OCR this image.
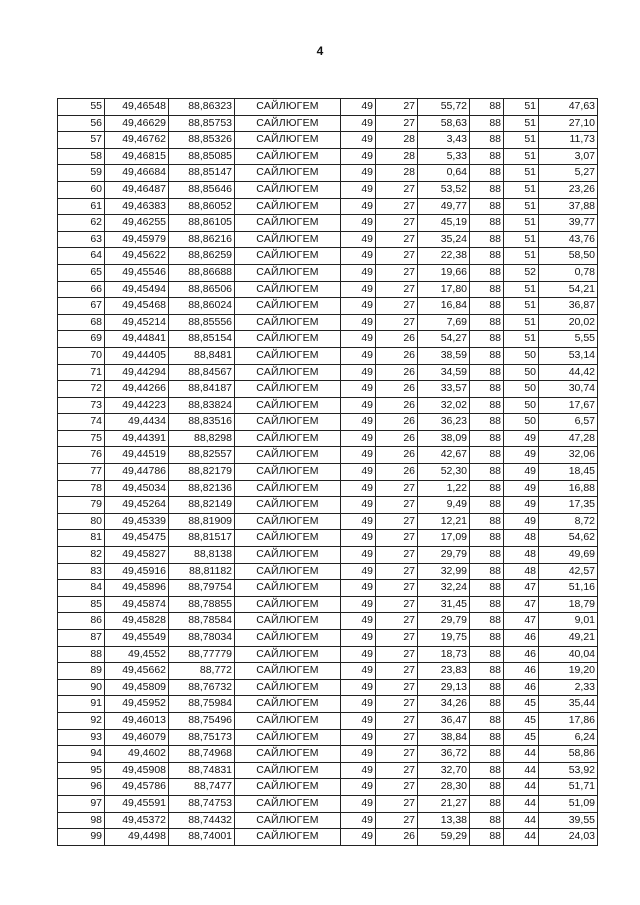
4
55	49,46548	88,86323	САЙЛЮГЕМ	49	27	55,72	88	51	47,63
56	49,46629	88,85753	САЙЛЮГЕМ	49	27	58,63	88	51	27,10
57	49,46762	88,85326	САЙЛЮГЕМ	49	28	3,43	88	51	11,73
58	49,46815	88,85085	САЙЛЮГЕМ	49	28	5,33	88	51	3,07
59	49,46684	88,85147	САЙЛЮГЕМ	49	28	0,64	88	51	5,27
60	49,46487	88,85646	САЙЛЮГЕМ	49	27	53,52	88	51	23,26
61	49,46383	88,86052	САЙЛЮГЕМ	49	27	49,77	88	51	37,88
62	49,46255	88,86105	САЙЛЮГЕМ	49	27	45,19	88	51	39,77
63	49,45979	88,86216	САЙЛЮГЕМ	49	27	35,24	88	51	43,76
64	49,45622	88,86259	САЙЛЮГЕМ	49	27	22,38	88	51	58,50
65	49,45546	88,86688	САЙЛЮГЕМ	49	27	19,66	88	52	0,78
66	49,45494	88,86506	САЙЛЮГЕМ	49	27	17,80	88	51	54,21
67	49,45468	88,86024	САЙЛЮГЕМ	49	27	16,84	88	51	36,87
68	49,45214	88,85556	САЙЛЮГЕМ	49	27	7,69	88	51	20,02
69	49,44841	88,85154	САЙЛЮГЕМ	49	26	54,27	88	51	5,55
70	49,44405	88,8481	САЙЛЮГЕМ	49	26	38,59	88	50	53,14
71	49,44294	88,84567	САЙЛЮГЕМ	49	26	34,59	88	50	44,42
72	49,44266	88,84187	САЙЛЮГЕМ	49	26	33,57	88	50	30,74
73	49,44223	88,83824	САЙЛЮГЕМ	49	26	32,02	88	50	17,67
74	49,4434	88,83516	САЙЛЮГЕМ	49	26	36,23	88	50	6,57
75	49,44391	88,8298	САЙЛЮГЕМ	49	26	38,09	88	49	47,28
76	49,44519	88,82557	САЙЛЮГЕМ	49	26	42,67	88	49	32,06
77	49,44786	88,82179	САЙЛЮГЕМ	49	26	52,30	88	49	18,45
78	49,45034	88,82136	САЙЛЮГЕМ	49	27	1,22	88	49	16,88
79	49,45264	88,82149	САЙЛЮГЕМ	49	27	9,49	88	49	17,35
80	49,45339	88,81909	САЙЛЮГЕМ	49	27	12,21	88	49	8,72
81	49,45475	88,81517	САЙЛЮГЕМ	49	27	17,09	88	48	54,62
82	49,45827	88,8138	САЙЛЮГЕМ	49	27	29,79	88	48	49,69
83	49,45916	88,81182	САЙЛЮГЕМ	49	27	32,99	88	48	42,57
84	49,45896	88,79754	САЙЛЮГЕМ	49	27	32,24	88	47	51,16
85	49,45874	88,78855	САЙЛЮГЕМ	49	27	31,45	88	47	18,79
86	49,45828	88,78584	САЙЛЮГЕМ	49	27	29,79	88	47	9,01
87	49,45549	88,78034	САЙЛЮГЕМ	49	27	19,75	88	46	49,21
88	49,4552	88,77779	САЙЛЮГЕМ	49	27	18,73	88	46	40,04
89	49,45662	88,772	САЙЛЮГЕМ	49	27	23,83	88	46	19,20
90	49,45809	88,76732	САЙЛЮГЕМ	49	27	29,13	88	46	2,33
91	49,45952	88,75984	САЙЛЮГЕМ	49	27	34,26	88	45	35,44
92	49,46013	88,75496	САЙЛЮГЕМ	49	27	36,47	88	45	17,86
93	49,46079	88,75173	САЙЛЮГЕМ	49	27	38,84	88	45	6,24
94	49,4602	88,74968	САЙЛЮГЕМ	49	27	36,72	88	44	58,86
95	49,45908	88,74831	САЙЛЮГЕМ	49	27	32,70	88	44	53,92
96	49,45786	88,7477	САЙЛЮГЕМ	49	27	28,30	88	44	51,71
97	49,45591	88,74753	САЙЛЮГЕМ	49	27	21,27	88	44	51,09
98	49,45372	88,74432	САЙЛЮГЕМ	49	27	13,38	88	44	39,55
99	49,4498	88,74001	САЙЛЮГЕМ	49	26	59,29	88	44	24,03
